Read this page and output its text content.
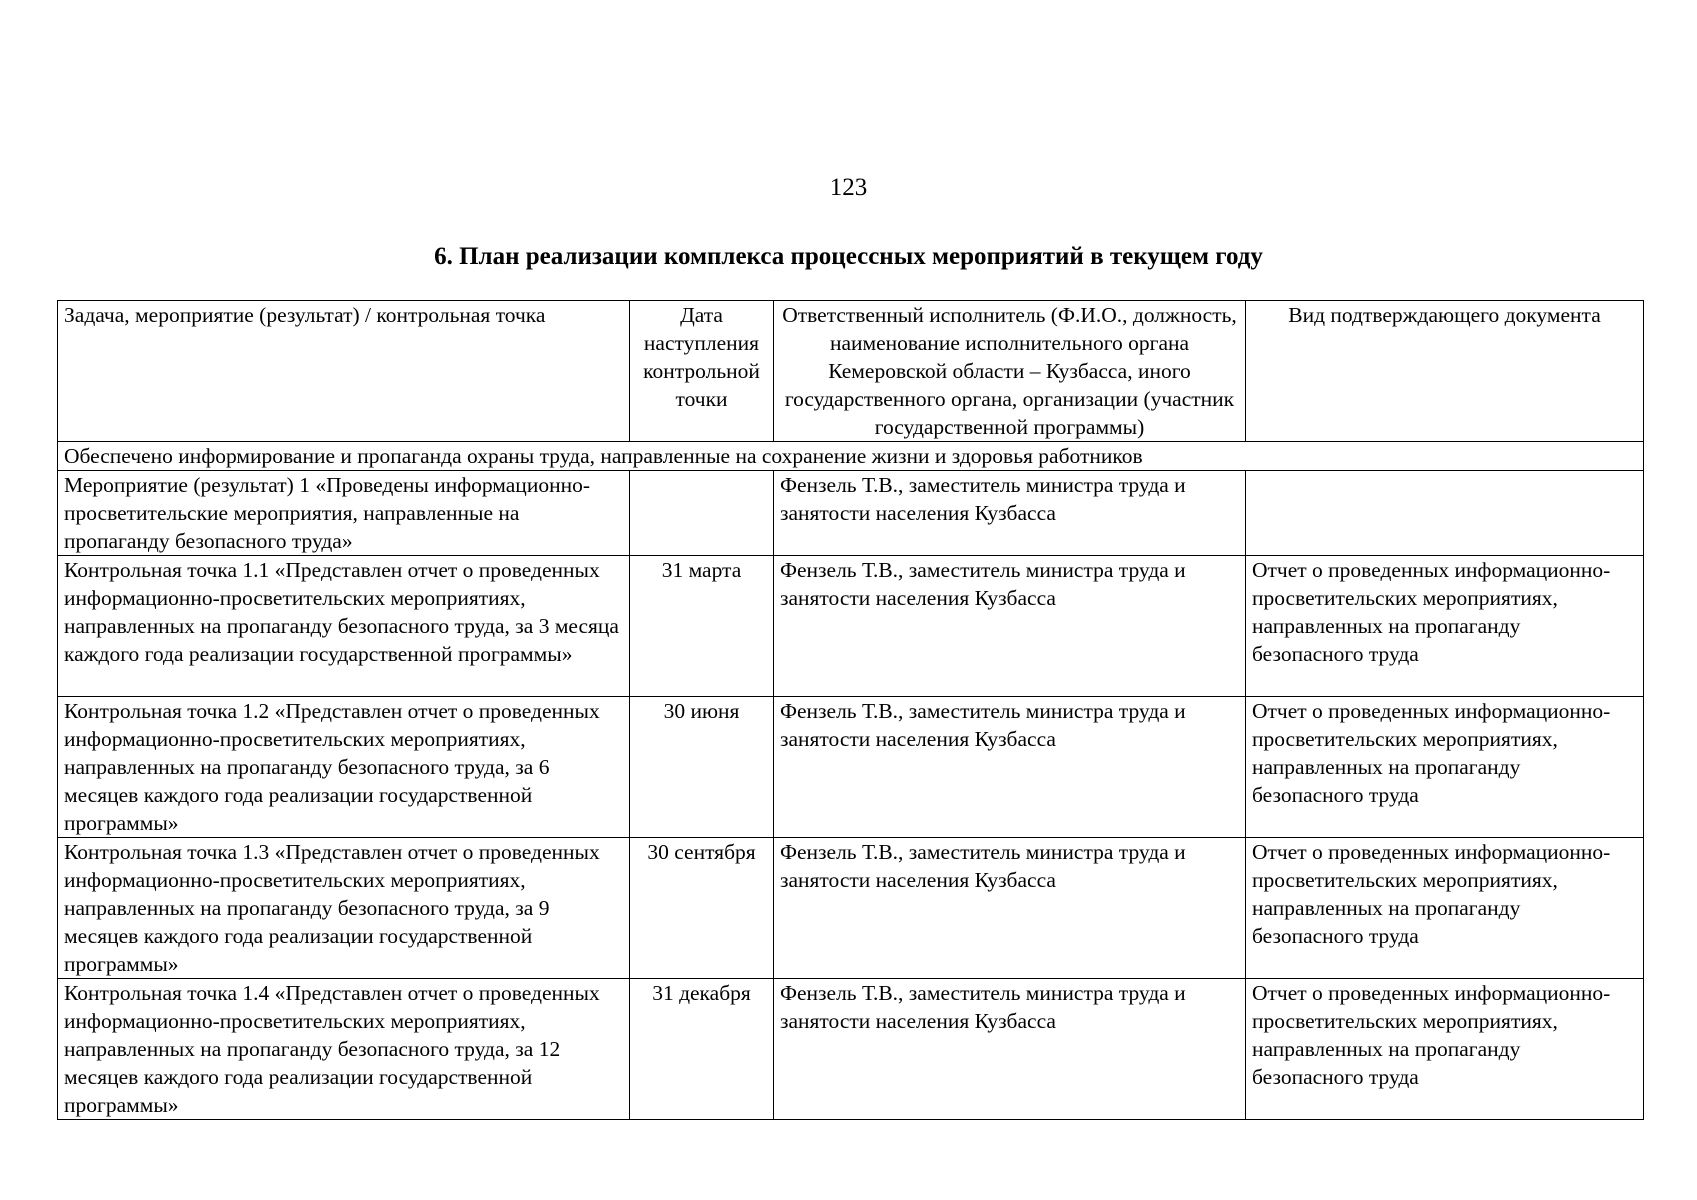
123
6. План реализации комплекса процессных мероприятий в текущем году
Задача, мероприятие (результат) / контрольная точка	Дата наступления контрольной точки	Ответственный исполнитель (Ф.И.О., должность, наименование исполнительного органа Кемеровской области – Кузбасса, иного государственного органа, организации (участник государственной программы)	Вид подтверждающего документа
Обеспечено информирование и пропаганда охраны труда, направленные на сохранение жизни и здоровья работников			
Мероприятие (результат) 1 «Проведены информационно-просветительские мероприятия, направленные на пропаганду безопасного труда»		Фензель Т.В., заместитель министра труда и занятости населения Кузбасса	
Контрольная точка 1.1 «Представлен отчет о проведенных информационно-просветительских мероприятиях, направленных на пропаганду безопасного труда, за 3 месяца каждого года реализации государственной программы»	31 марта	Фензель Т.В., заместитель министра труда и занятости населения Кузбасса	Отчет о проведенных информационно-просветительских мероприятиях, направленных на пропаганду безопасного труда
Контрольная точка 1.2 «Представлен отчет о проведенных информационно-просветительских мероприятиях, направленных на пропаганду безопасного труда, за 6 месяцев каждого года реализации государственной программы»	30 июня	Фензель Т.В., заместитель министра труда и занятости населения Кузбасса	Отчет о проведенных информационно-просветительских мероприятиях, направленных на пропаганду безопасного труда
Контрольная точка 1.3 «Представлен отчет о проведенных информационно-просветительских мероприятиях, направленных на пропаганду безопасного труда, за 9 месяцев каждого года реализации государственной программы»	30 сентября	Фензель Т.В., заместитель министра труда и занятости населения Кузбасса	Отчет о проведенных информационно-просветительских мероприятиях, направленных на пропаганду безопасного труда
Контрольная точка 1.4 «Представлен отчет о проведенных информационно-просветительских мероприятиях, направленных на пропаганду безопасного труда, за 12 месяцев каждого года реализации государственной программы»	31 декабря	Фензель Т.В., заместитель министра труда и занятости населения Кузбасса	Отчет о проведенных информационно-просветительских мероприятиях, направленных на пропаганду безопасного труда
